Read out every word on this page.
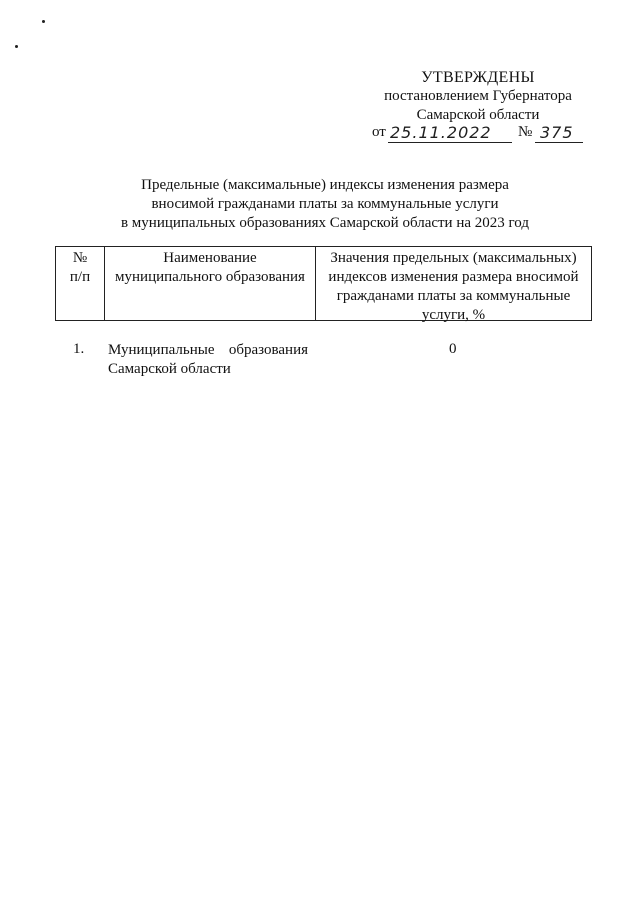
УТВЕРЖДЕНЫ
постановлением Губернатора
Самарской области
от 25.11.2022 № 375
Предельные (максимальные) индексы изменения размера
вносимой гражданами платы за коммунальные услуги
в муниципальных образованиях Самарской области на 2023 год
№
п/п
Наименование
муниципального образования
Значения предельных (максимальных)
индексов изменения размера вносимой
гражданами платы за коммунальные
услуги, %
1. Муниципальные образования
Самарской области
0
